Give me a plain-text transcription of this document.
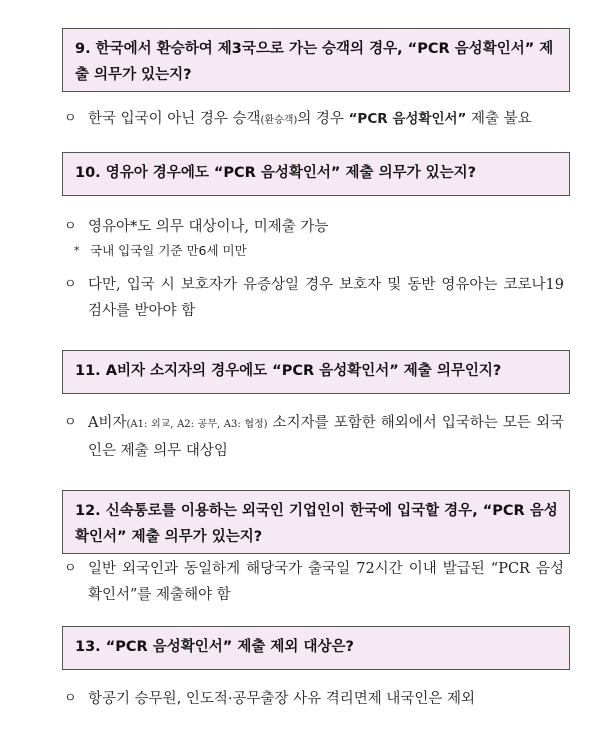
9. 한국에서 환승하여 제3국으로 가는 승객의 경우, “PCR 음성확인서” 제출 의무가 있는지?
ㅇ 한국 입국이 아닌 경우 승객(환승객)의 경우 “PCR 음성확인서” 제출 불요
10. 영유아 경우에도 “PCR 음성확인서” 제출 의무가 있는지?
ㅇ 영유아*도 의무 대상이나, 미제출 가능
* 국내 입국일 기준 만6세 미만
ㅇ 다만, 입국 시 보호자가 유증상일 경우 보호자 및 동반 영유아는 코로나19 검사를 받아야 함
11. A비자 소지자의 경우에도 “PCR 음성확인서” 제출 의무인지?
ㅇ A비자(A1: 외교, A2: 공무, A3: 협정) 소지자를 포함한 해외에서 입국하는 모든 외국인은 제출 의무 대상임
12. 신속통로를 이용하는 외국인 기업인이 한국에 입국할 경우, “PCR 음성 확인서” 제출 의무가 있는지?
ㅇ 일반 외국인과 동일하게 해당국가 출국일 72시간 이내 발급된 “PCR 음성확인서”를 제출해야 함
13. “PCR 음성확인서” 제출 제외 대상은?
ㅇ 항공기 승무원, 인도적·공무출장 사유 격리면제 내국인은 제외
